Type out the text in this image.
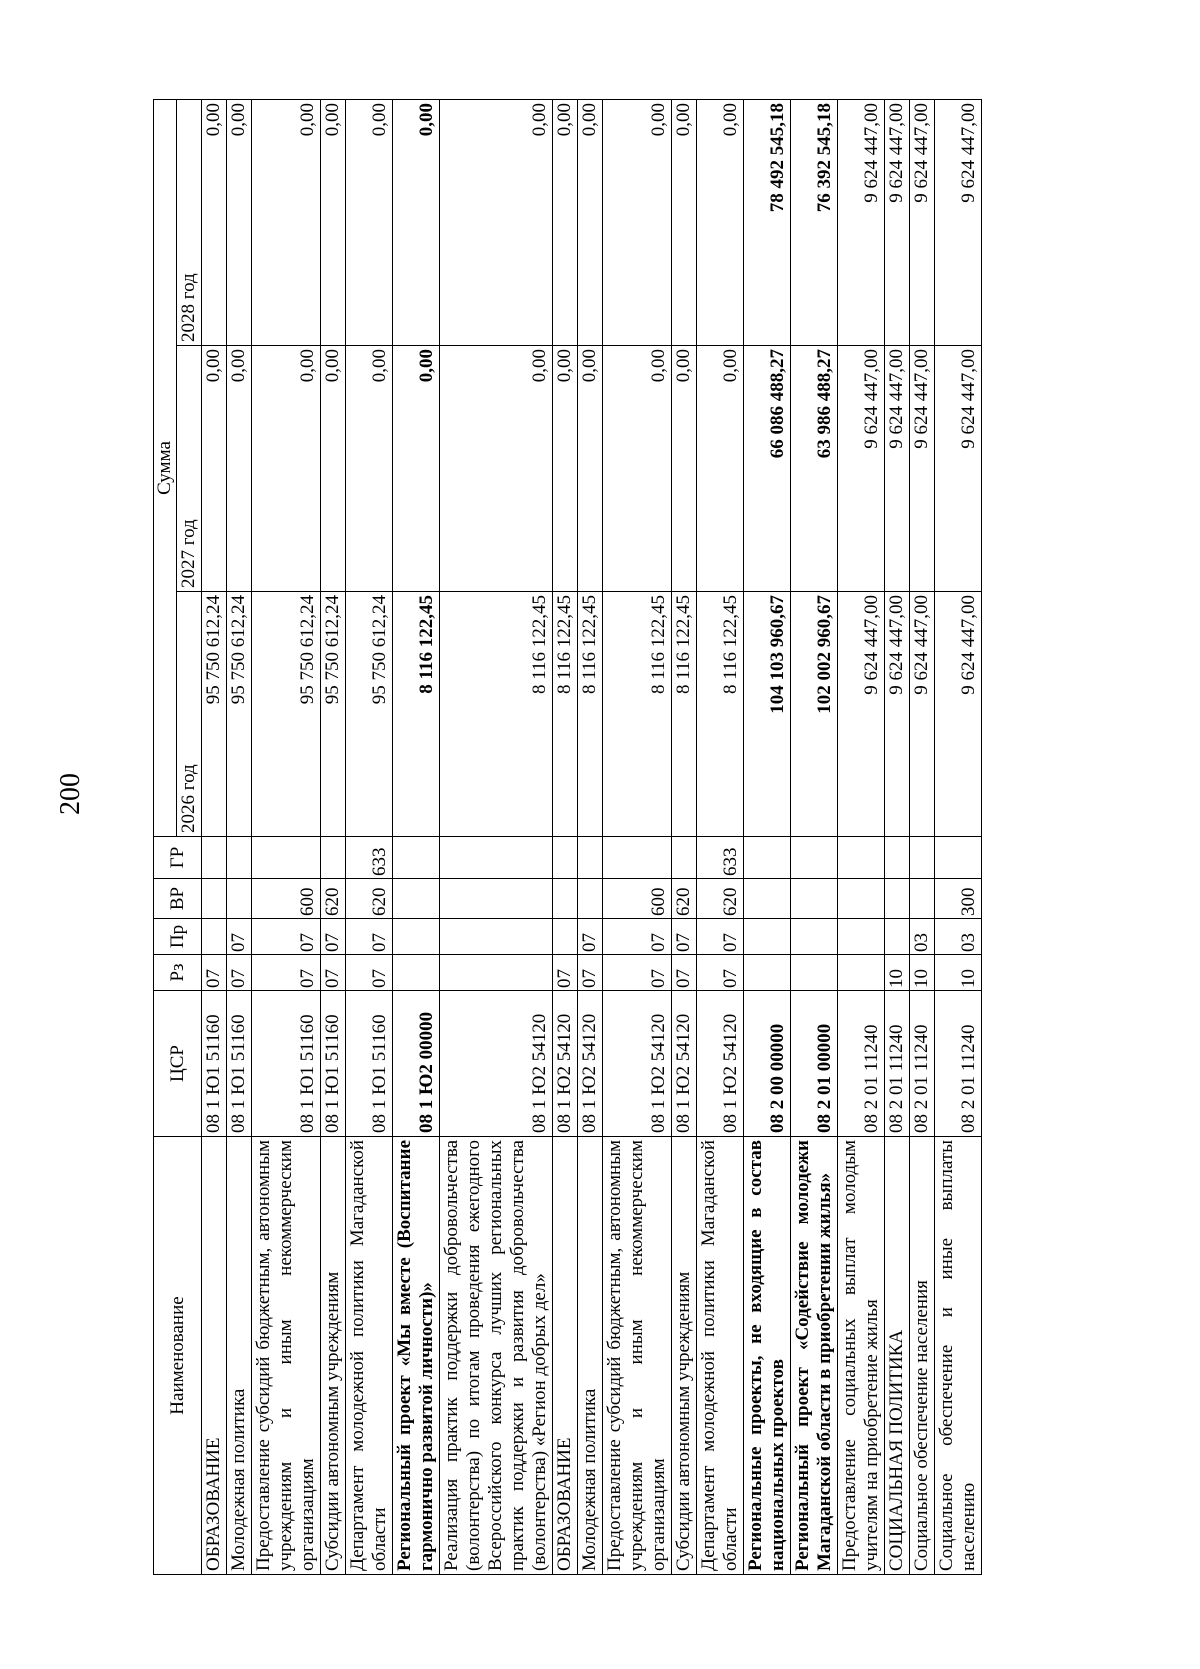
200
Наименование	ЦСР	Рз	Пр	ВР	ГР	Сумма		
						2026 год	2027 год	2028 год
ОБРАЗОВАНИЕ	08 1 Ю1 51160	07				95 750 612,24	0,00	0,00
Молодежная политика	08 1 Ю1 51160	07	07			95 750 612,24	0,00	0,00
Предоставление субсидий бюджетным, автономным учреждениям и иным некоммерческим организациям	08 1 Ю1 51160	07	07	600		95 750 612,24	0,00	0,00
Субсидии автономным учреждениям	08 1 Ю1 51160	07	07	620		95 750 612,24	0,00	0,00
Департамент молодежной политики Магаданской области	08 1 Ю1 51160	07	07	620	633	95 750 612,24	0,00	0,00
Региональный проект «Мы вместе (Воспитание гармонично развитой личности)»	08 1 Ю2 00000					8 116 122,45	0,00	0,00
Реализация практик поддержки добровольчества (волонтерства) по итогам проведения ежегодного Всероссийского конкурса лучших региональных практик поддержки и развития добровольчества (волонтерства) «Регион добрых дел»	08 1 Ю2 54120					8 116 122,45	0,00	0,00
ОБРАЗОВАНИЕ	08 1 Ю2 54120	07				8 116 122,45	0,00	0,00
Молодежная политика	08 1 Ю2 54120	07	07			8 116 122,45	0,00	0,00
Предоставление субсидий бюджетным, автономным учреждениям и иным некоммерческим организациям	08 1 Ю2 54120	07	07	600		8 116 122,45	0,00	0,00
Субсидии автономным учреждениям	08 1 Ю2 54120	07	07	620		8 116 122,45	0,00	0,00
Департамент молодежной политики Магаданской области	08 1 Ю2 54120	07	07	620	633	8 116 122,45	0,00	0,00
Региональные проекты, не входящие в состав национальных проектов	08 2 00 00000					104 103 960,67	66 086 488,27	78 492 545,18
Региональный проект «Содействие молодежи Магаданской области в приобретении жилья»	08 2 01 00000					102 002 960,67	63 986 488,27	76 392 545,18
Предоставление социальных выплат молодым учителям на приобретение жилья	08 2 01 11240					9 624 447,00	9 624 447,00	9 624 447,00
СОЦИАЛЬНАЯ ПОЛИТИКА	08 2 01 11240	10				9 624 447,00	9 624 447,00	9 624 447,00
Социальное обеспечение населения	08 2 01 11240	10	03			9 624 447,00	9 624 447,00	9 624 447,00
Социальное обеспечение и иные выплаты населению	08 2 01 11240	10	03	300		9 624 447,00	9 624 447,00	9 624 447,00
